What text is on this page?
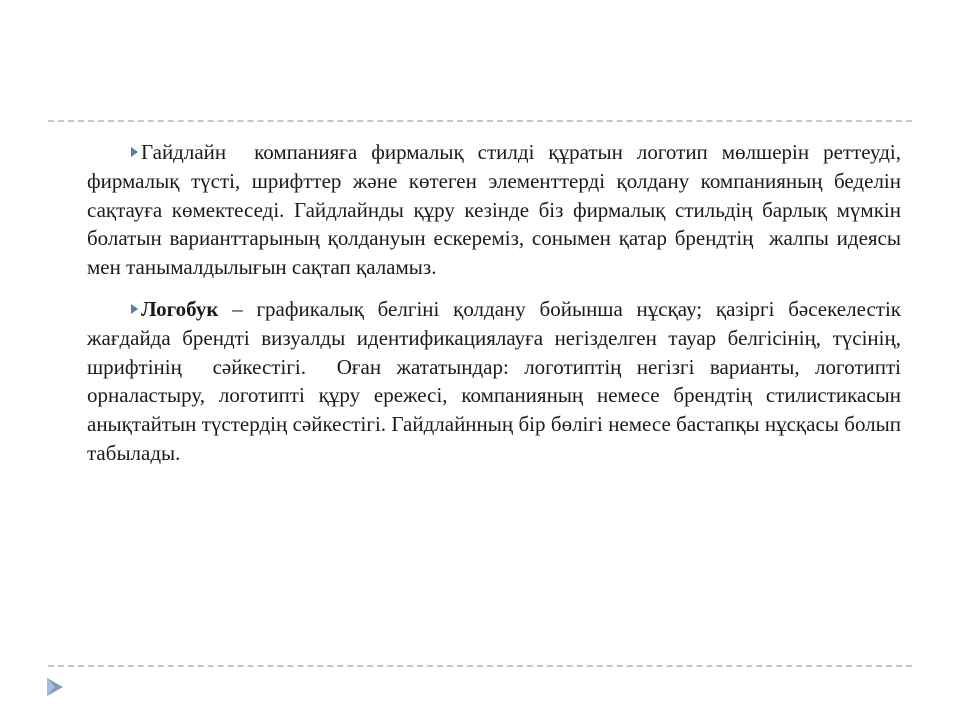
Гайдлайн  компанияға фирмалық стилді құратын логотип мөлшерін реттеуді, фирмалық түсті, шрифттер және көтеген элементтерді қолдану компанияның беделін сақтауға көмектеседі. Гайдлайнды құру кезінде біз фирмалық стильдің барлық мүмкін болатын варианттарының қолдануын ескереміз, сонымен қатар брендтің  жалпы идеясы мен танымалдылығын сақтап қаламыз.

Логобук – графикалық белгіні қолдану бойынша нұсқау; қазіргі бәсекелестік жағдайда брендті визуалды идентификациялауға негізделген тауар белгісінің, түсінің, шрифтінің  сәйкестігі.  Оған жататындар: логотиптің негізгі варианты, логотипті орналастыру, логотипті құру ережесі, компанияның немесе брендтің стилистикасын анықтайтын түстердің сәйкестігі. Гайдлайнның бір бөлігі немесе бастапқы нұсқасы болып табылады.
